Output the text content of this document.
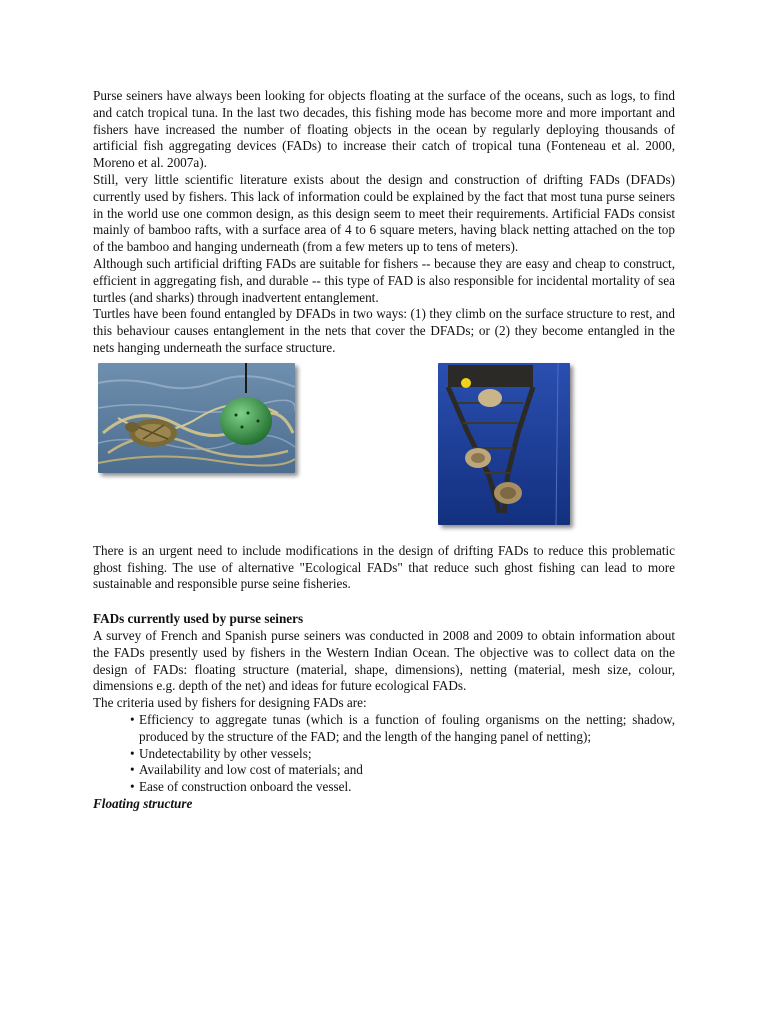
Purse seiners have always been looking for objects floating at the surface of the oceans, such as logs, to find and catch tropical tuna. In the last two decades, this fishing mode has become more and more important and fishers have increased the number of floating objects in the ocean by regularly deploying thousands of artificial fish aggregating devices (FADs) to increase their catch of tropical tuna (Fonteneau et al. 2000, Moreno et al. 2007a).

Still, very little scientific literature exists about the design and construction of drifting FADs (DFADs) currently used by fishers. This lack of information could be explained by the fact that most tuna purse seiners in the world use one common design, as this design seem to meet their requirements. Artificial FADs consist mainly of bamboo rafts, with a surface area of 4 to 6 square meters, having black netting attached on the top of the bamboo and hanging underneath (from a few meters up to tens of meters).

Although such artificial drifting FADs are suitable for fishers -- because they are easy and cheap to construct, efficient in aggregating fish, and durable -- this type of FAD is also responsible for incidental mortality of sea turtles (and sharks) through inadvertent entanglement.

Turtles have been found entangled by DFADs in two ways: (1) they climb on the surface structure to rest, and this behaviour causes entanglement in the nets that cover the DFADs; or (2) they become entangled in the nets hanging underneath the surface structure.

There is an urgent need to include modifications in the design of drifting FADs to reduce this problematic ghost fishing. The use of alternative "Ecological FADs" that reduce such ghost fishing can lead to more sustainable and responsible purse seine fisheries.

FADs currently used by purse seiners

A survey of French and Spanish purse seiners was conducted in 2008 and 2009 to obtain information about the FADs presently used by fishers in the Western Indian Ocean. The objective was to collect data on the design of FADs: floating structure (material, shape, dimensions), netting (material, mesh size, colour, dimensions e.g. depth of the net) and ideas for future ecological FADs.

The criteria used by fishers for designing FADs are:

• Efficiency to aggregate tunas (which is a function of fouling organisms on the netting; shadow, produced by the structure of the FAD; and the length of the hanging panel of netting);
• Undetectability by other vessels;
• Availability and low cost of materials; and
• Ease of construction onboard the vessel.
Floating structure
